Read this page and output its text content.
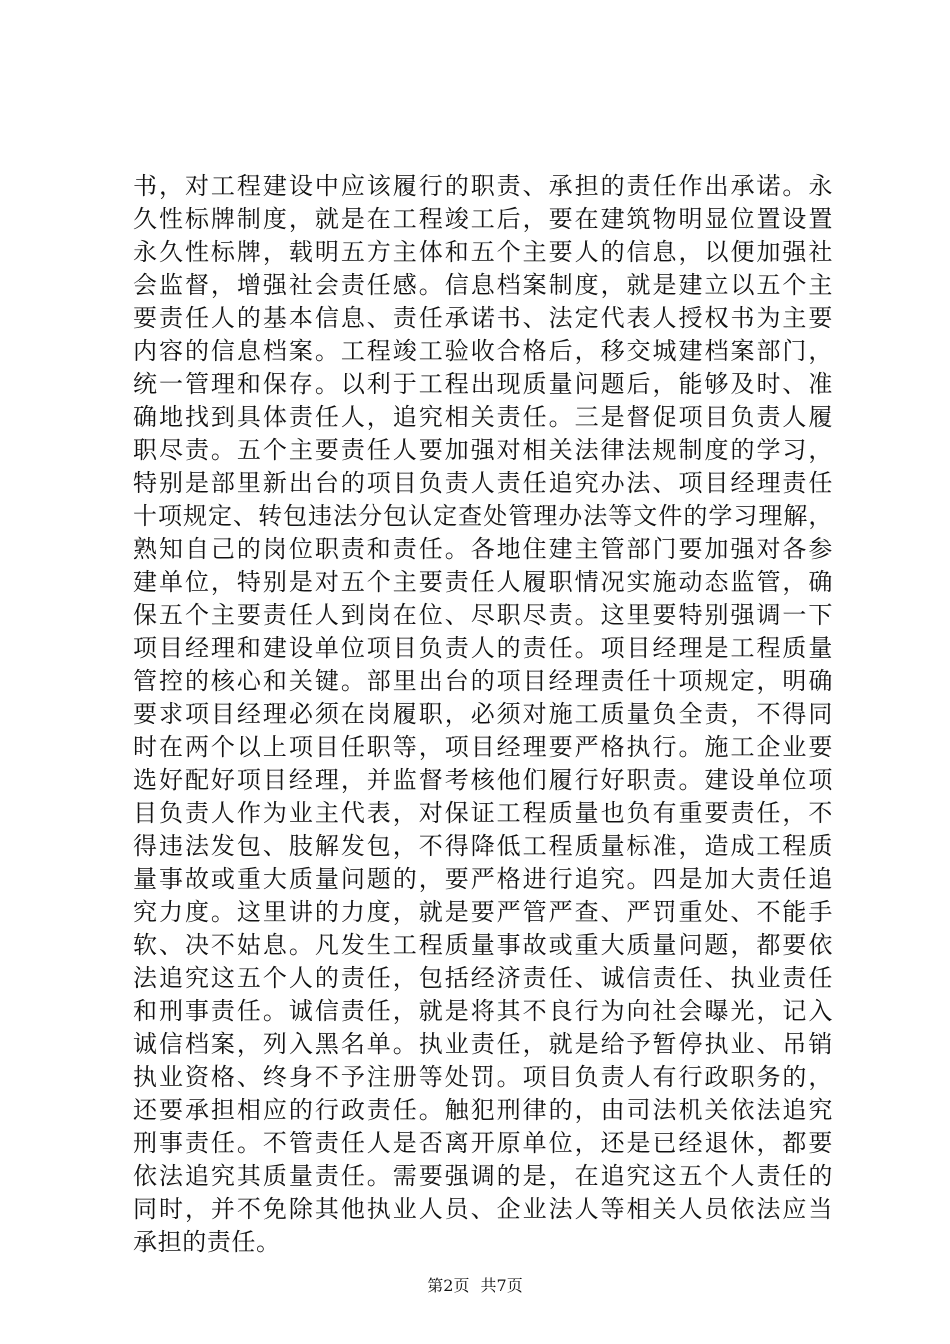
书，对工程建设中应该履行的职责、承担的责任作出承诺。永
久性标牌制度，就是在工程竣工后，要在建筑物明显位置设置
永久性标牌，载明五方主体和五个主要人的信息，以便加强社
会监督，增强社会责任感。信息档案制度，就是建立以五个主
要责任人的基本信息、责任承诺书、法定代表人授权书为主要
内容的信息档案。工程竣工验收合格后，移交城建档案部门，
统一管理和保存。以利于工程出现质量问题后，能够及时、准
确地找到具体责任人，追究相关责任。三是督促项目负责人履
职尽责。五个主要责任人要加强对相关法律法规制度的学习，
特别是部里新出台的项目负责人责任追究办法、项目经理责任
十项规定、转包违法分包认定查处管理办法等文件的学习理解，
熟知自己的岗位职责和责任。各地住建主管部门要加强对各参
建单位，特别是对五个主要责任人履职情况实施动态监管，确
保五个主要责任人到岗在位、尽职尽责。这里要特别强调一下
项目经理和建设单位项目负责人的责任。项目经理是工程质量
管控的核心和关键。部里出台的项目经理责任十项规定，明确
要求项目经理必须在岗履职，必须对施工质量负全责，不得同
时在两个以上项目任职等，项目经理要严格执行。施工企业要
选好配好项目经理，并监督考核他们履行好职责。建设单位项
目负责人作为业主代表，对保证工程质量也负有重要责任，不
得违法发包、肢解发包，不得降低工程质量标准，造成工程质
量事故或重大质量问题的，要严格进行追究。四是加大责任追
究力度。这里讲的力度，就是要严管严查、严罚重处、不能手
软、决不姑息。凡发生工程质量事故或重大质量问题，都要依
法追究这五个人的责任，包括经济责任、诚信责任、执业责任
和刑事责任。诚信责任，就是将其不良行为向社会曝光，记入
诚信档案，列入黑名单。执业责任，就是给予暂停执业、吊销
执业资格、终身不予注册等处罚。项目负责人有行政职务的，
还要承担相应的行政责任。触犯刑律的，由司法机关依法追究
刑事责任。不管责任人是否离开原单位，还是已经退休，都要
依法追究其质量责任。需要强调的是，在追究这五个人责任的
同时，并不免除其他执业人员、企业法人等相关人员依法应当
承担的责任。
第2页 共7页
